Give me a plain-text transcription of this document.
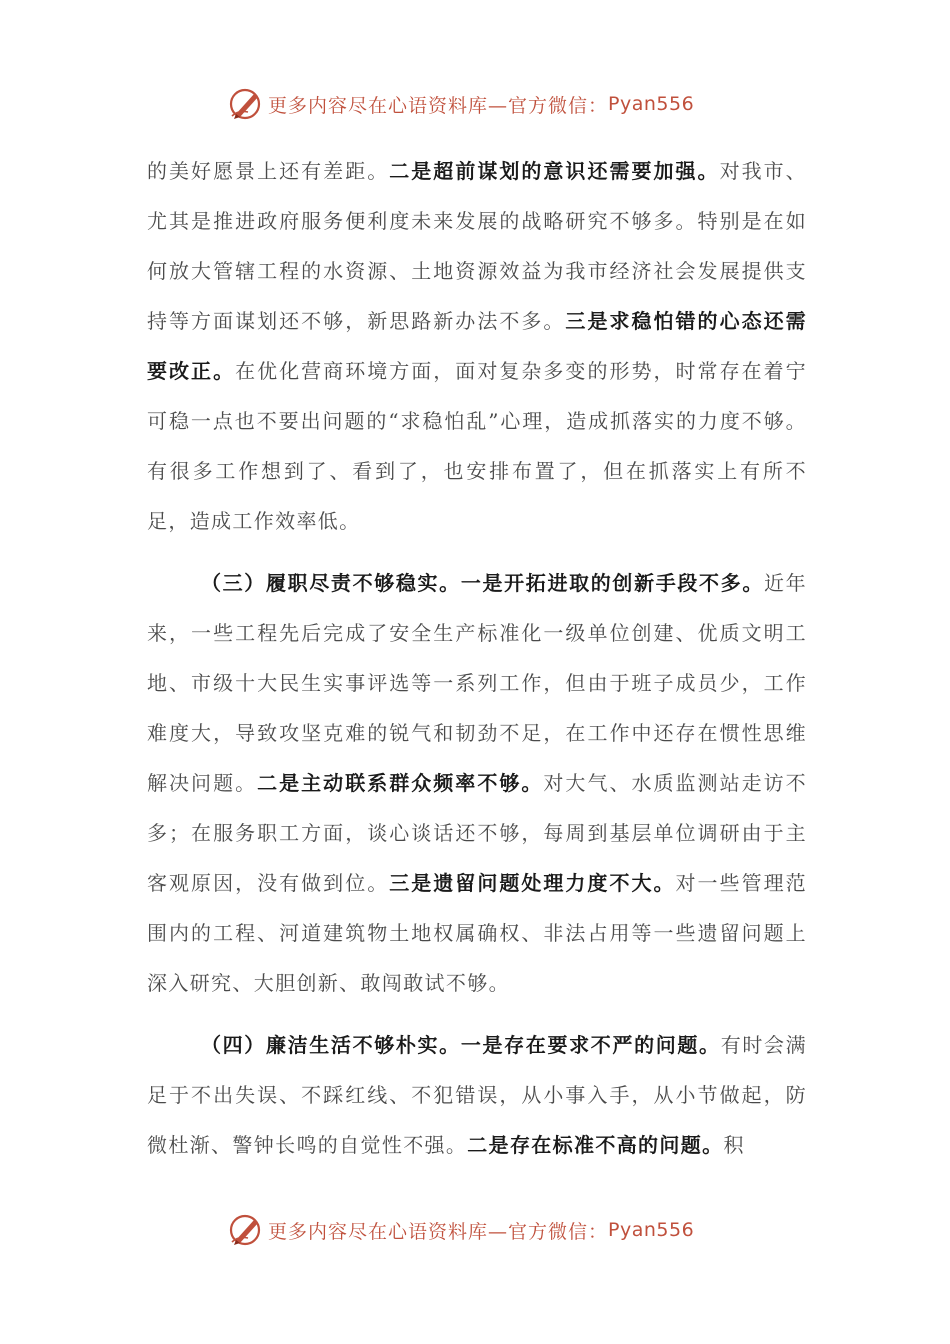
更多内容尽在心语资料库—官方微信： Pyan556

的美好愿景上还有差距。二是超前谋划的意识还需要加强。对我市、尤其是推进政府服务便利度未来发展的战略研究不够多。特别是在如何放大管辖工程的水资源、土地资源效益为我市经济社会发展提供支持等方面谋划还不够，新思路新办法不多。三是求稳怕错的心态还需要改正。在优化营商环境方面，面对复杂多变的形势，时常存在着宁可稳一点也不要出问题的“求稳怕乱”心理，造成抓落实的力度不够。有很多工作想到了、看到了，也安排布置了，但在抓落实上有所不足，造成工作效率低。

（三）履职尽责不够稳实。一是开拓进取的创新手段不多。近年来，一些工程先后完成了安全生产标准化一级单位创建、优质文明工地、市级十大民生实事评选等一系列工作，但由于班子成员少，工作难度大，导致攻坚克难的锐气和韧劲不足，在工作中还存在惯性思维解决问题。二是主动联系群众频率不够。对大气、水质监测站走访不多；在服务职工方面，谈心谈话还不够，每周到基层单位调研由于主客观原因，没有做到位。三是遗留问题处理力度不大。对一些管理范围内的工程、河道建筑物土地权属确权、非法占用等一些遗留问题上深入研究、大胆创新、敢闯敢试不够。

（四）廉洁生活不够朴实。一是存在要求不严的问题。有时会满足于不出失误、不踩红线、不犯错误，从小事入手，从小节做起，防微杜渐、警钟长鸣的自觉性不强。二是存在标准不高的问题。积

更多内容尽在心语资料库—官方微信： Pyan556
